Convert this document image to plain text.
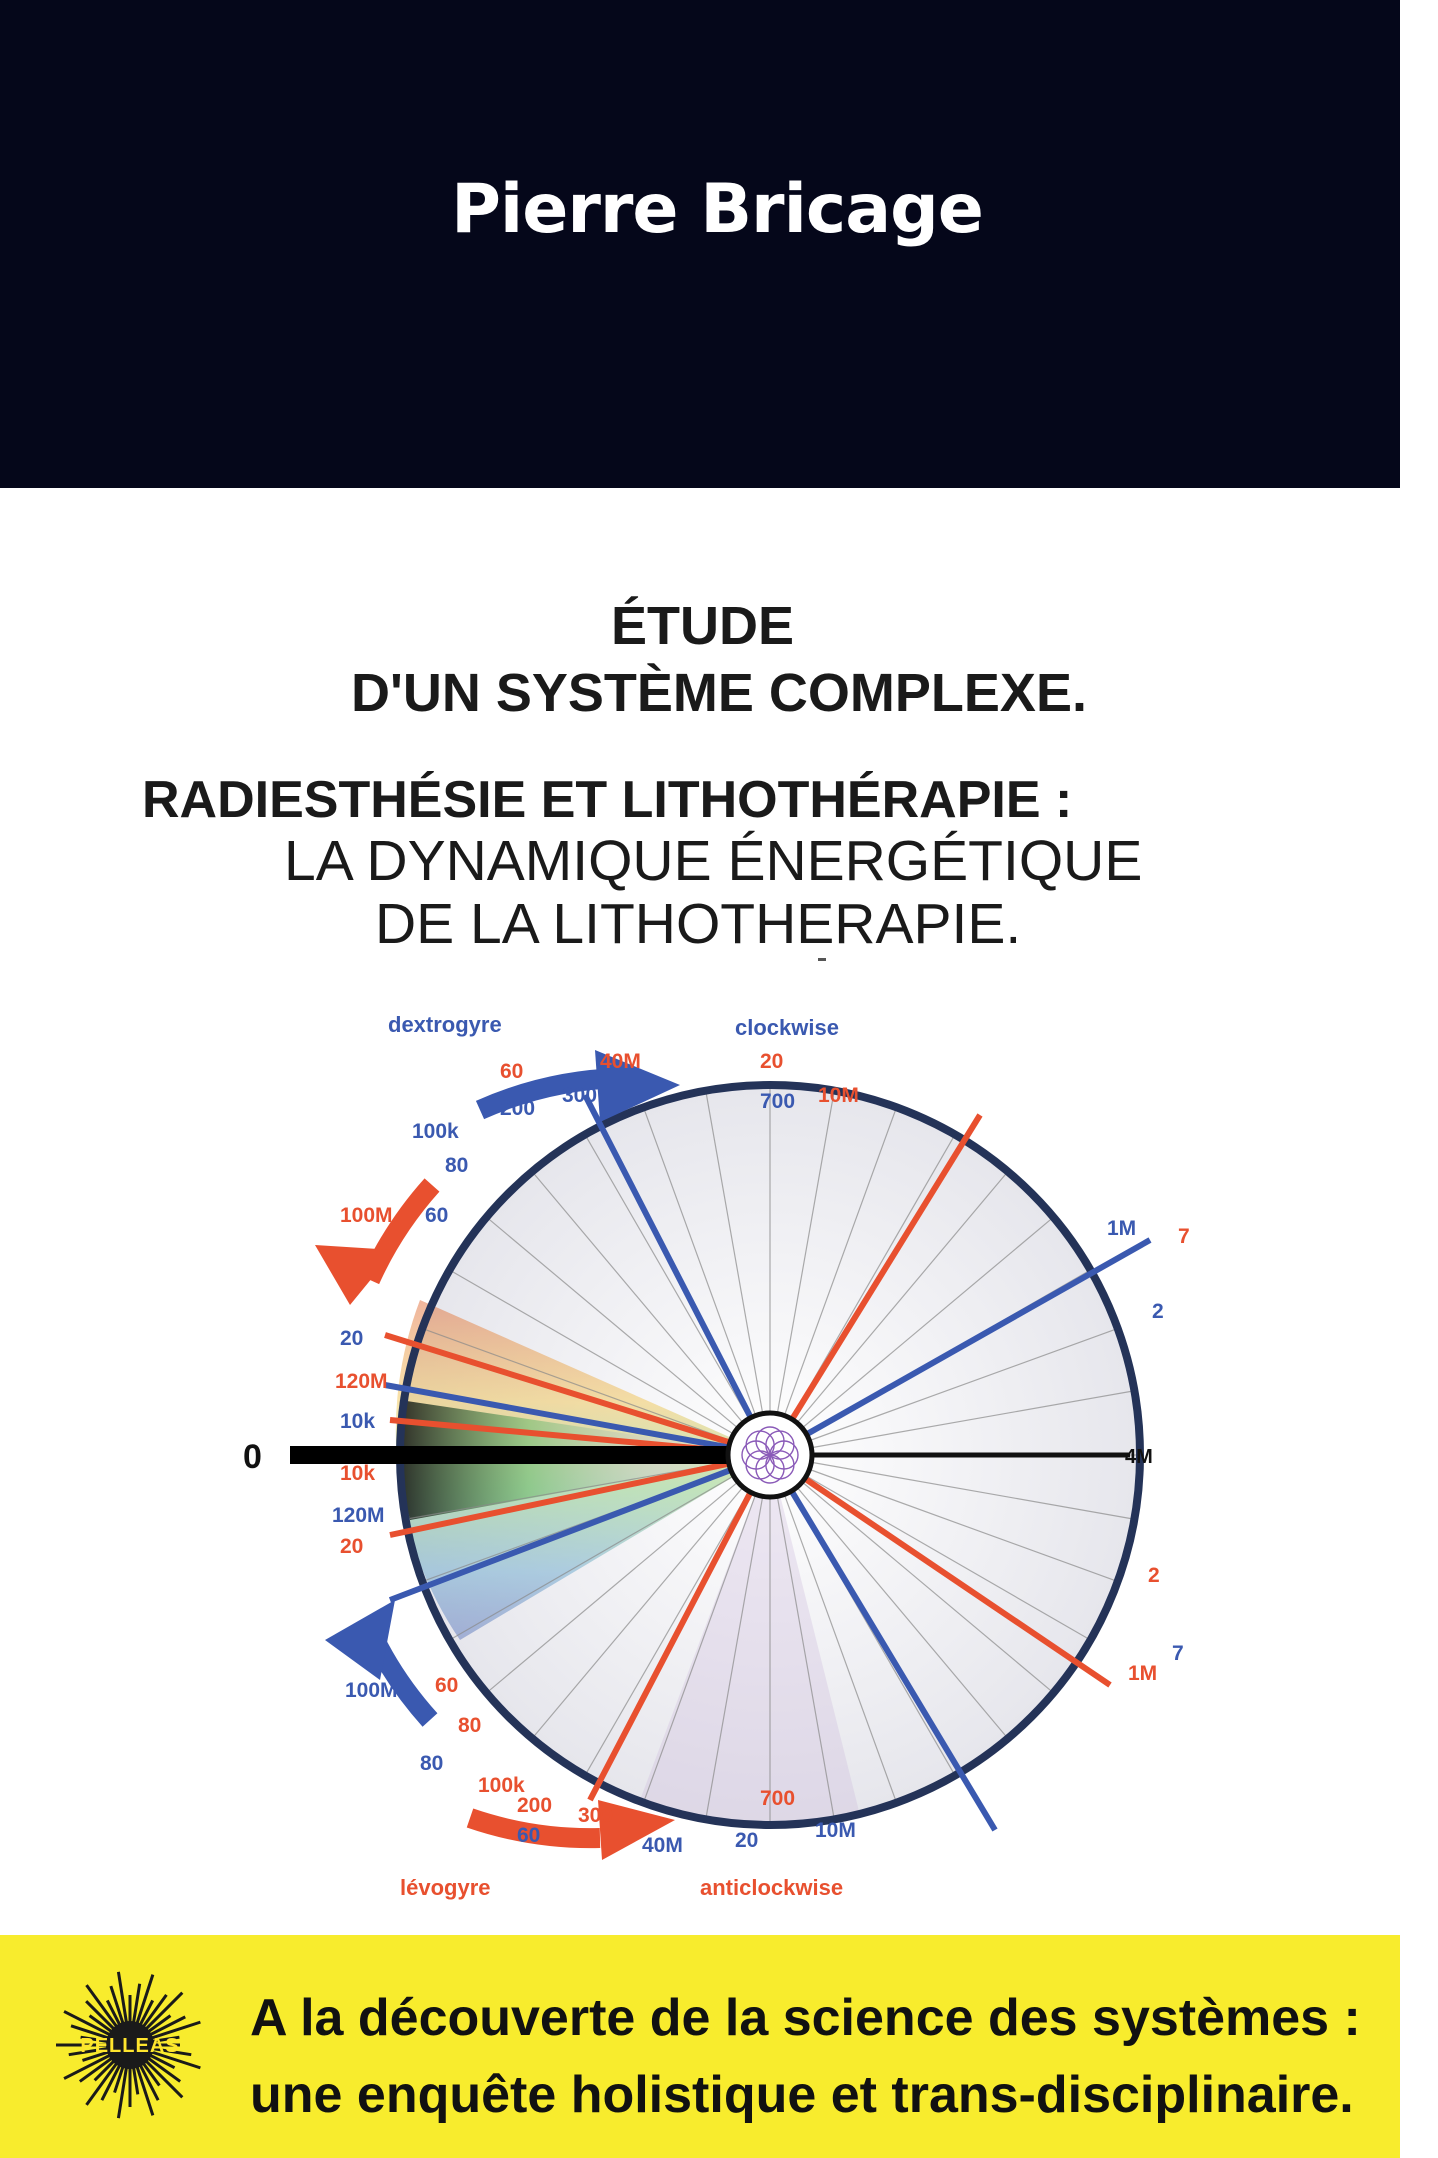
Pierre Bricage
ÉTUDE
D'UN SYSTÈME COMPLEXE.
RADIESTHÉSIE ET LITHOTHÉRAPIE :
LA DYNAMIQUE ÉNERGÉTIQUE
DE LA LITHOTHERAPIE.
dextrogyre	clockwise
lévogyre	anticlockwise
0	4M
60
200
300
40M	20
700 10M
100k
80
60
100M
1M 7
2
20
120M
10k
10k
120M
20
2
1M
7
100M 60
80
80
100k
200 300
60	40M 20
700
10M
PELLEAS	A la découverte de la science des systèmes :
une enquête holistique et trans-disciplinaire.
